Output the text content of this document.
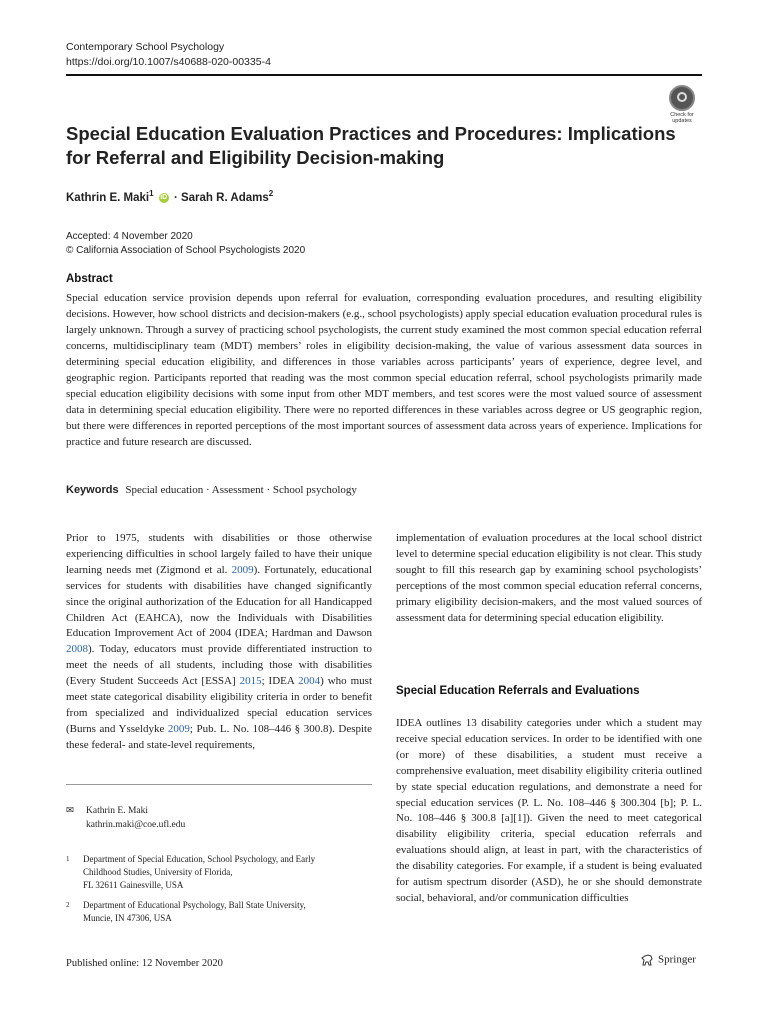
Contemporary School Psychology
https://doi.org/10.1007/s40688-020-00335-4
Check for updates
Special Education Evaluation Practices and Procedures: Implications for Referral and Eligibility Decision-making
Kathrin E. Maki$^1$ iD · Sarah R. Adams$^2$
Accepted: 4 November 2020
© California Association of School Psychologists 2020
Abstract
Special education service provision depends upon referral for evaluation, corresponding evaluation procedures, and resulting eligibility decisions. However, how school districts and decision-makers (e.g., school psychologists) apply special education evaluation procedural rules is largely unknown. Through a survey of practicing school psychologists, the current study examined the most common special education referral concerns, multidisciplinary team (MDT) members’ roles in eligibility decision-making, the value of various assessment data sources in determining special education eligibility, and differences in those variables across participants’ years of experience, degree level, and geographic region. Participants reported that reading was the most common special education referral, school psychologists primarily made special education eligibility decisions with some input from other MDT members, and test scores were the most valued source of assessment data in determining special education eligibility. There were no reported differences in these variables across degree or US geographic region, but there were differences in reported perceptions of the most important sources of assessment data across years of experience. Implications for practice and future research are discussed.
Keywords Special education · Assessment · School psychology

Prior to 1975, students with disabilities or those otherwise experiencing difficulties in school largely failed to have their unique learning needs met (Zigmond et al. 2009). Fortunately, educational services for students with disabilities have changed significantly since the original authorization of the Education for all Handicapped Children Act (EAHCA), now the Individuals with Disabilities Education Improvement Act of 2004 (IDEA; Hardman and Dawson 2008). Today, educators must provide differentiated instruction to meet the needs of all students, including those with disabilities (Every Student Succeeds Act [ESSA] 2015; IDEA 2004) who must meet state categorical disability eligibility criteria in order to benefit from specialized and individualized special education services (Burns and Ysseldyke 2009; Pub. L. No. 108–446 § 300.8). Despite these federal- and state-level requirements,

implementation of evaluation procedures at the local school district level to determine special education eligibility is not clear. This study sought to fill this research gap by examining school psychologists’ perceptions of the most common special education referral concerns, primary eligibility decision-makers, and the most valued sources of assessment data for determining special education eligibility.

Special Education Referrals and Evaluations

IDEA outlines 13 disability categories under which a student may receive special education services. In order to be identified with one (or more) of these disabilities, a student must receive a comprehensive evaluation, meet disability eligibility criteria outlined by state special education regulations, and demonstrate a need for special education services (P. L. No. 108–446 § 300.304 [b]; P. L. No. 108–446 § 300.8 [a][1]). Given the need to meet categorical disability eligibility criteria, special education referrals and evaluations should align, at least in part, with the characteristics of the disability categories. For example, if a student is being evaluated for autism spectrum disorder (ASD), he or she should demonstrate social, behavioral, and/or communication difficulties

✉ Kathrin E. Maki
kathrin.maki@coe.ufl.edu
1 Department of Special Education, School Psychology, and Early
Childhood Studies, University of Florida,
FL 32611 Gainesville, USA
2 Department of Educational Psychology, Ball State University,
Muncie, IN 47306, USA
Published online: 12 November 2020	Springer
